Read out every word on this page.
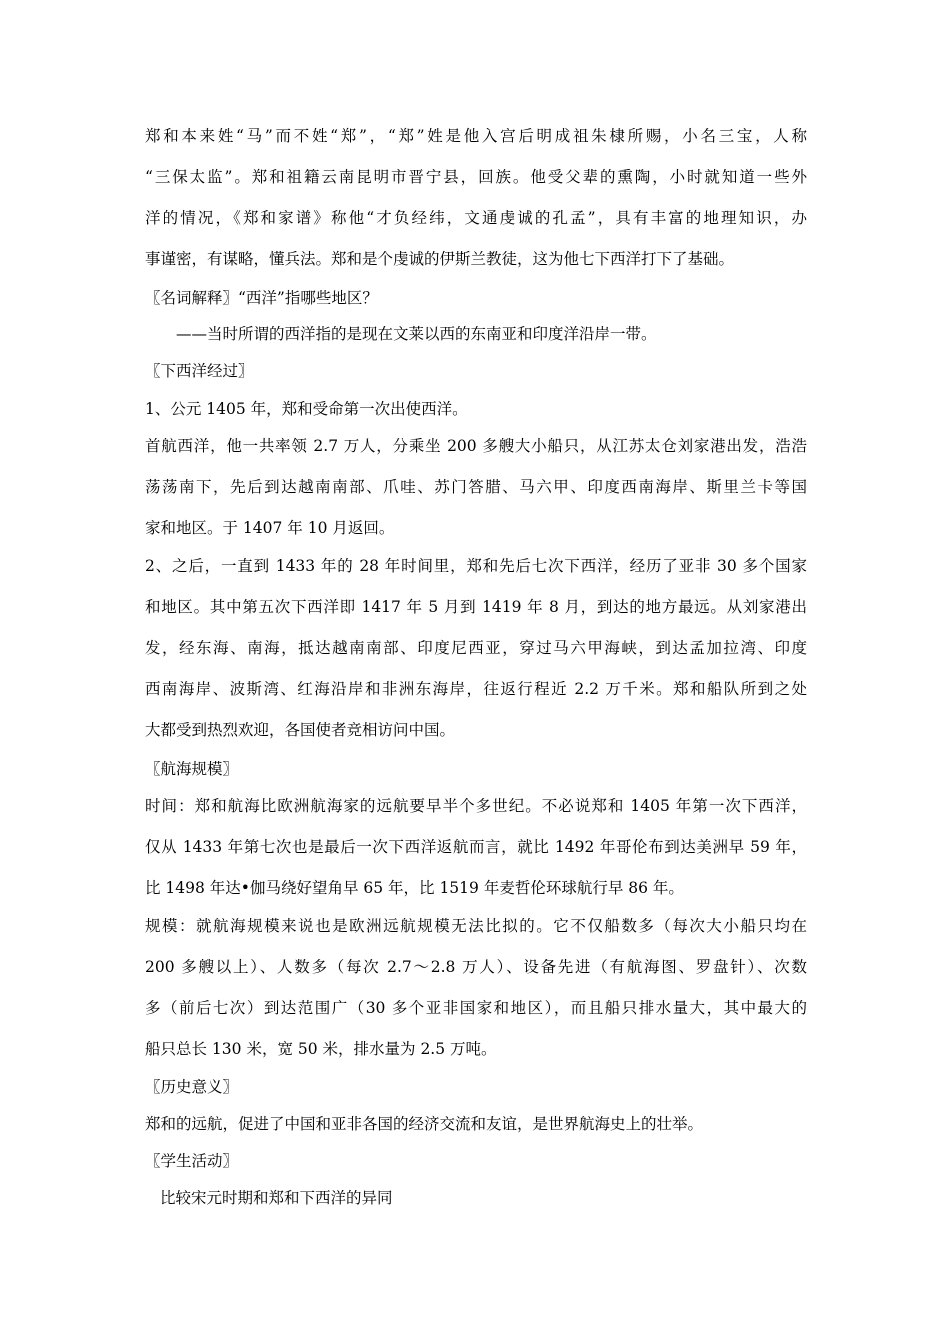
郑和本来姓“马”而不姓“郑”，“郑”姓是他入宫后明成祖朱棣所赐，小名三宝，人称
“三保太监”。郑和祖籍云南昆明市晋宁县，回族。他受父辈的熏陶，小时就知道一些外
洋的情况，《郑和家谱》称他“才负经纬，文通虔诚的孔孟”，具有丰富的地理知识，办
事谨密，有谋略，懂兵法。郑和是个虔诚的伊斯兰教徒，这为他七下西洋打下了基础。
〖名词解释〗“西洋”指哪些地区？
——当时所谓的西洋指的是现在文莱以西的东南亚和印度洋沿岸一带。
〖下西洋经过〗
1、公元 1405 年，郑和受命第一次出使西洋。
首航西洋，他一共率领 2.7 万人，分乘坐 200 多艘大小船只，从江苏太仓刘家港出发，浩浩
荡荡南下，先后到达越南南部、爪哇、苏门答腊、马六甲、印度西南海岸、斯里兰卡等国
家和地区。于 1407 年 10 月返回。
2、之后，一直到 1433 年的 28 年时间里，郑和先后七次下西洋，经历了亚非 30 多个国家
和地区。其中第五次下西洋即 1417 年 5 月到 1419 年 8 月，到达的地方最远。从刘家港出
发，经东海、南海，抵达越南南部、印度尼西亚，穿过马六甲海峡，到达孟加拉湾、印度
西南海岸、波斯湾、红海沿岸和非洲东海岸，往返行程近 2.2 万千米。郑和船队所到之处
大都受到热烈欢迎，各国使者竞相访问中国。
〖航海规模〗
时间：郑和航海比欧洲航海家的远航要早半个多世纪。不必说郑和 1405 年第一次下西洋，
仅从 1433 年第七次也是最后一次下西洋返航而言，就比 1492 年哥伦布到达美洲早 59 年，
比 1498 年达•伽马绕好望角早 65 年，比 1519 年麦哲伦环球航行早 86 年。
规模：就航海规模来说也是欧洲远航规模无法比拟的。它不仅船数多（每次大小船只均在
200 多艘以上）、人数多（每次 2.7～2.8 万人）、设备先进（有航海图、罗盘针）、次数
多（前后七次）到达范围广（30 多个亚非国家和地区），而且船只排水量大，其中最大的
船只总长 130 米，宽 50 米，排水量为 2.5 万吨。
〖历史意义〗
郑和的远航，促进了中国和亚非各国的经济交流和友谊，是世界航海史上的壮举。
〖学生活动〗
比较宋元时期和郑和下西洋的异同
